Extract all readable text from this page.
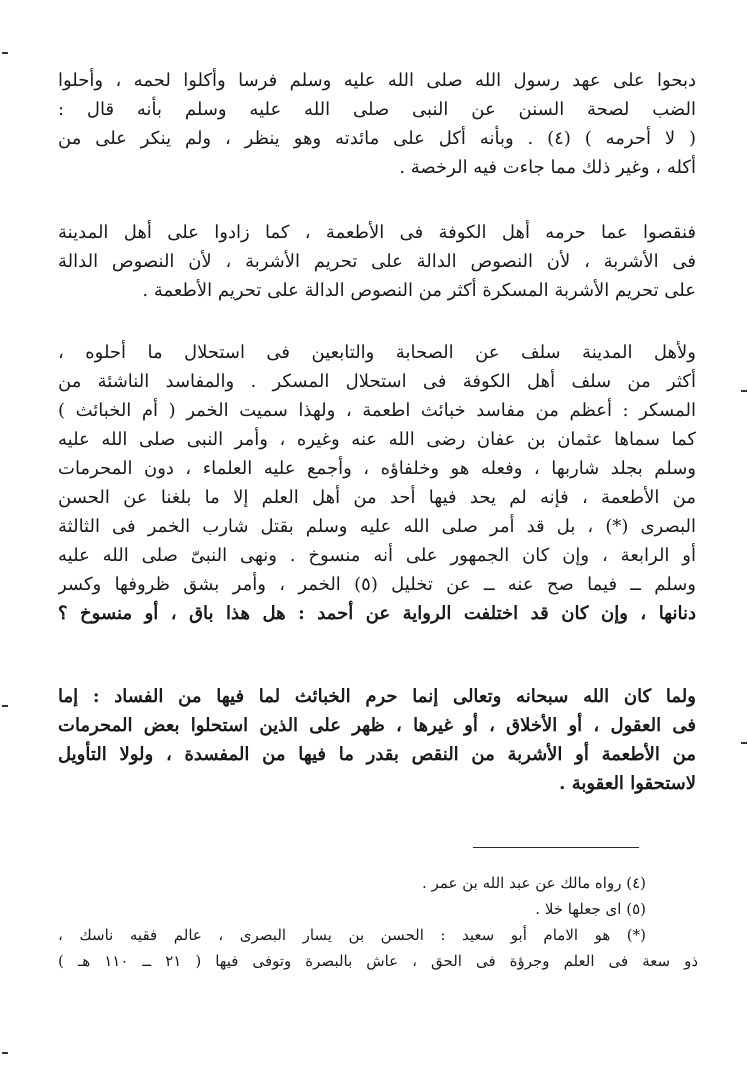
دبحوا على عهد رسول الله صلى الله عليه وسلم فرسا وأكلوا لحمه ، وأحلوا
الضب لصحة السنن عن النبى صلى الله عليه وسلم بأنه قال :
( لا أحرمه ) (٤) . وبأنه أكل على مائدته وهو ينظر ، ولم ينكر على من
أكله ، وغير ذلك مما جاءت فيه الرخصة .
فنقصوا عما حرمه أهل الكوفة فى الأطعمة ، كما زادوا على أهل المدينة
فى الأشربة ، لأن النصوص الدالة على تحريم الأشربة ، لأن النصوص الدالة
على تحريم الأشربة المسكرة أكثر من النصوص الدالة على تحريم الأطعمة .
ولأهل المدينة سلف عن الصحابة والتابعين فى استحلال ما أحلوه ،
أكثر من سلف أهل الكوفة فى استحلال المسكر . والمفاسد الناشئة من
المسكر : أعظم من مفاسد خبائث اطعمة ، ولهذا سميت الخمر ( أم الخبائث )
كما سماها عثمان بن عفان رضى الله عنه وغيره ، وأمر النبى صلى الله عليه
وسلم بجلد شاربها ، وفعله هو وخلفاؤه ، وأجمع عليه العلماء ، دون المحرمات
من الأطعمة ، فإنه لم يحد فيها أحد من أهل العلم إلا ما بلغنا عن الحسن
البصرى (*) ، بل قد أمر صلى الله عليه وسلم بقتل شارب الخمر فى الثالثة
أو الرابعة ، وإن كان الجمهور على أنه منسوخ . ونهى النبىّ صلى الله عليه
وسلم ــ فيما صح عنه ــ عن تخليل (٥) الخمر ، وأمر بشق ظروفها وكسر
دنانها ، وإن كان قد اختلفت الرواية عن أحمد : هل هذا باق ، أو منسوخ ؟
ولما كان الله سبحانه وتعالى إنما حرم الخبائث لما فيها من الفساد : إما
فى العقول ، أو الأخلاق ، أو غيرها ، ظهر على الذين استحلوا بعض المحرمات
من الأطعمة أو الأشربة من النقص بقدر ما فيها من المفسدة ، ولولا التأويل
لاستحقوا العقوبة .
(٤) رواه مالك عن عبد الله بن عمر .
(٥) اى جعلها خلا .
(*) هو الامام أبو سعيد : الحسن بن يسار البصرى ، عالم فقيه ناسك ،
ذو سعة فى العلم وجرؤة فى الحق ، عاش بالبصرة وتوفى فيها ( ٢١ ــ ١١٠ هـ )
